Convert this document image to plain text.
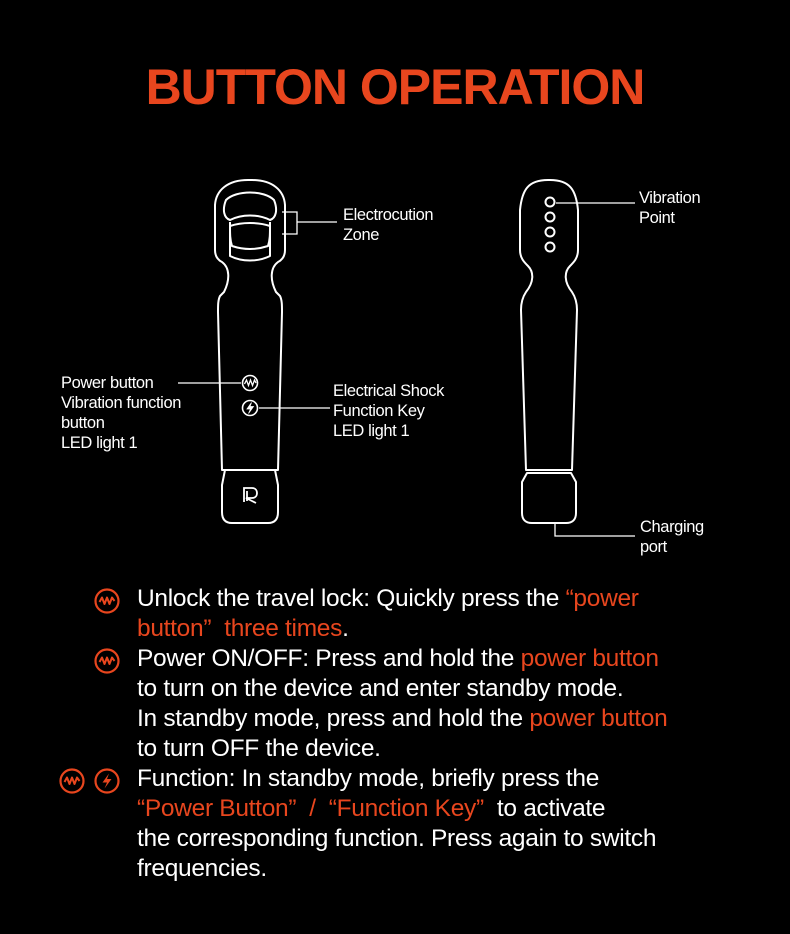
BUTTON OPERATION
Electrocution
Zone
Power button
Vibration function
button
LED light 1
Electrical Shock
Function Key
LED light 1
Vibration
Point
Charging
port
Unlock the travel lock: Quickly press the “power
button”  three times.
Power ON/OFF: Press and hold the power button
to turn on the device and enter standby mode.
In standby mode, press and hold the power button
to turn OFF the device.
Function: In standby mode, briefly press the
“Power Button”  /  “Function Key”  to activate
the corresponding function. Press again to switch
frequencies.
